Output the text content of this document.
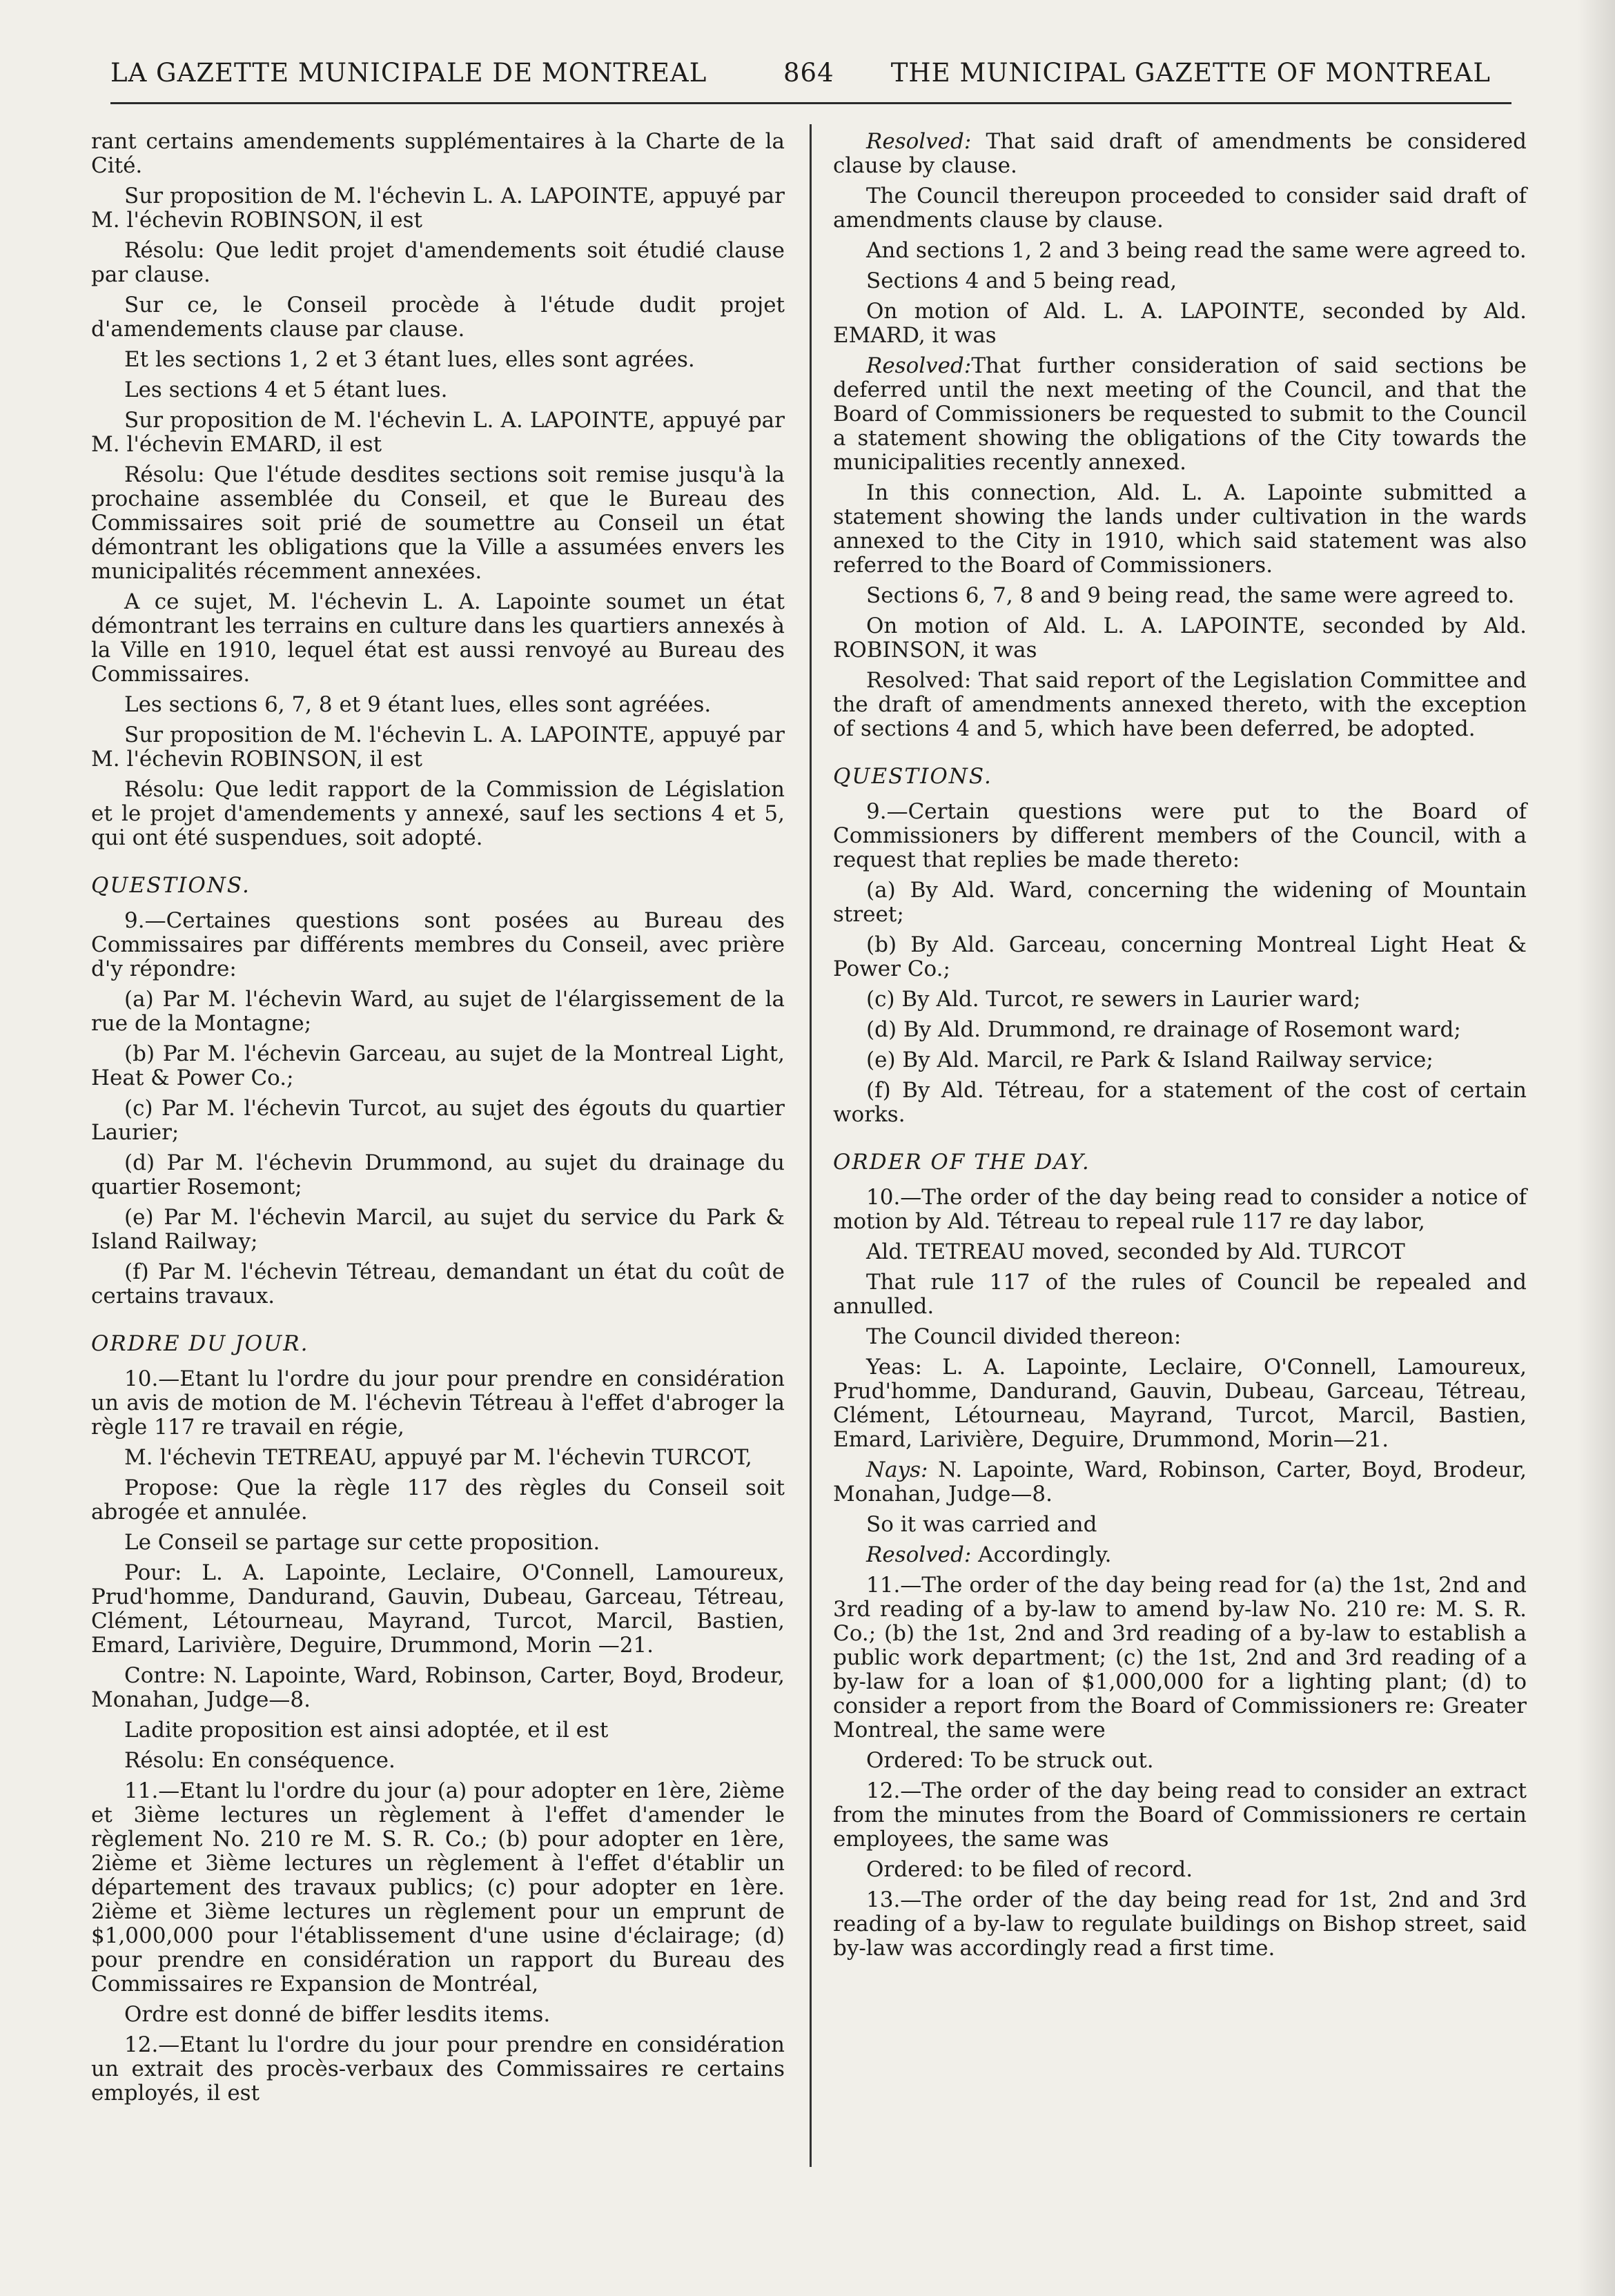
LA GAZETTE MUNICIPALE DE MONTREAL	864 THE MUNICIPAL GAZETTE OF MONTREAL

rant certains amendements supplémentaires à la Charte de la Cité.

Sur proposition de M. l'échevin L. A. LAPOINTE, appuyé par M. l'échevin ROBINSON, il est

Résolu: Que ledit projet d'amendements soit étudié clause par clause.

Sur ce, le Conseil procède à l'étude dudit projet d'amendements clause par clause.

Et les sections 1, 2 et 3 étant lues, elles sont agrées.

Les sections 4 et 5 étant lues.

Sur proposition de M. l'échevin L. A. LAPOINTE, appuyé par M. l'échevin EMARD, il est

Résolu: Que l'étude desdites sections soit remise jusqu'à la prochaine assemblée du Conseil, et que le Bureau des Commissaires soit prié de soumettre au Conseil un état démontrant les obligations que la Ville a assumées envers les municipalités récemment annexées.

A ce sujet, M. l'échevin L. A. Lapointe soumet un état démontrant les terrains en culture dans les quartiers annexés à la Ville en 1910, lequel état est aussi renvoyé au Bureau des Commissaires.

Les sections 6, 7, 8 et 9 étant lues, elles sont agréées.

Sur proposition de M. l'échevin L. A. LAPOINTE, appuyé par M. l'échevin ROBINSON, il est

Résolu: Que ledit rapport de la Commission de Législation et le projet d'amendements y annexé, sauf les sections 4 et 5, qui ont été suspendues, soit adopté.

QUESTIONS.

9.—Certaines questions sont posées au Bureau des Commissaires par différents membres du Conseil, avec prière d'y répondre:

(a) Par M. l'échevin Ward, au sujet de l'élargissement de la rue de la Montagne;

(b) Par M. l'échevin Garceau, au sujet de la Montreal Light, Heat & Power Co.;

(c) Par M. l'échevin Turcot, au sujet des égouts du quartier Laurier;

(d) Par M. l'échevin Drummond, au sujet du drainage du quartier Rosemont;

(e) Par M. l'échevin Marcil, au sujet du service du Park & Island Railway;

(f) Par M. l'échevin Tétreau, demandant un état du coût de certains travaux.

ORDRE DU JOUR.

10.—Etant lu l'ordre du jour pour prendre en considération un avis de motion de M. l'échevin Tétreau à l'effet d'abroger la règle 117 re travail en régie,

M. l'échevin TETREAU, appuyé par M. l'échevin TURCOT,

Propose: Que la règle 117 des règles du Conseil soit abrogée et annulée.

Le Conseil se partage sur cette proposition.

Pour: L. A. Lapointe, Leclaire, O'Connell, Lamoureux, Prud'homme, Dandurand, Gauvin, Dubeau, Garceau, Tétreau, Clément, Létourneau, Mayrand, Turcot, Marcil, Bastien, Emard, Larivière, Deguire, Drummond, Morin —21.

Contre: N. Lapointe, Ward, Robinson, Carter, Boyd, Brodeur, Monahan, Judge—8.

Ladite proposition est ainsi adoptée, et il est

Résolu: En conséquence.

11.—Etant lu l'ordre du jour (a) pour adopter en 1ère, 2ième et 3ième lectures un règlement à l'effet d'amender le règlement No. 210 re M. S. R. Co.; (b) pour adopter en 1ère, 2ième et 3ième lectures un règlement à l'effet d'établir un département des travaux publics; (c) pour adopter en 1ère. 2ième et 3ième lectures un règlement pour un emprunt de $1,000,000 pour l'établissement d'une usine d'éclairage; (d) pour prendre en considération un rapport du Bureau des Commissaires re Expansion de Montréal,

Ordre est donné de biffer lesdits items.

12.—Etant lu l'ordre du jour pour prendre en considération un extrait des procès-verbaux des Commissaires re certains employés, il est

Resolved: That said draft of amendments be considered clause by clause.

The Council thereupon proceeded to consider said draft of amendments clause by clause.

And sections 1, 2 and 3 being read the same were agreed to.

Sections 4 and 5 being read,

On motion of Ald. L. A. LAPOINTE, seconded by Ald. EMARD, it was

Resolved:That further consideration of said sections be deferred until the next meeting of the Council, and that the Board of Commissioners be requested to submit to the Council a statement showing the obligations of the City towards the municipalities recently annexed.

In this connection, Ald. L. A. Lapointe submitted a statement showing the lands under cultivation in the wards annexed to the City in 1910, which said statement was also referred to the Board of Commissioners.

Sections 6, 7, 8 and 9 being read, the same were agreed to.

On motion of Ald. L. A. LAPOINTE, seconded by Ald. ROBINSON, it was

Resolved: That said report of the Legislation Committee and the draft of amendments annexed thereto, with the exception of sections 4 and 5, which have been deferred, be adopted.

QUESTIONS.

9.—Certain questions were put to the Board of Commissioners by different members of the Council, with a request that replies be made thereto:

(a) By Ald. Ward, concerning the widening of Mountain street;

(b) By Ald. Garceau, concerning Montreal Light Heat & Power Co.;

(c) By Ald. Turcot, re sewers in Laurier ward;

(d) By Ald. Drummond, re drainage of Rosemont ward;

(e) By Ald. Marcil, re Park & Island Railway service;

(f) By Ald. Tétreau, for a statement of the cost of certain works.

ORDER OF THE DAY.

10.—The order of the day being read to consider a notice of motion by Ald. Tétreau to repeal rule 117 re day labor,

Ald. TETREAU moved, seconded by Ald. TURCOT

That rule 117 of the rules of Council be repealed and annulled.

The Council divided thereon:

Yeas: L. A. Lapointe, Leclaire, O'Connell, Lamoureux, Prud'homme, Dandurand, Gauvin, Dubeau, Garceau, Tétreau, Clément, Létourneau, Mayrand, Turcot, Marcil, Bastien, Emard, Larivière, Deguire, Drummond, Morin—21.

Nays: N. Lapointe, Ward, Robinson, Carter, Boyd, Brodeur, Monahan, Judge—8.

So it was carried and

Resolved: Accordingly.

11.—The order of the day being read for (a) the 1st, 2nd and 3rd reading of a by-law to amend by-law No. 210 re: M. S. R. Co.; (b) the 1st, 2nd and 3rd reading of a by-law to establish a public work department; (c) the 1st, 2nd and 3rd reading of a by-law for a loan of $1,000,000 for a lighting plant; (d) to consider a report from the Board of Commissioners re: Greater Montreal, the same were

Ordered: To be struck out.

12.—The order of the day being read to consider an extract from the minutes from the Board of Commissioners re certain employees, the same was

Ordered: to be filed of record.

13.—The order of the day being read for 1st, 2nd and 3rd reading of a by-law to regulate buildings on Bishop street, said by-law was accordingly read a first time.
